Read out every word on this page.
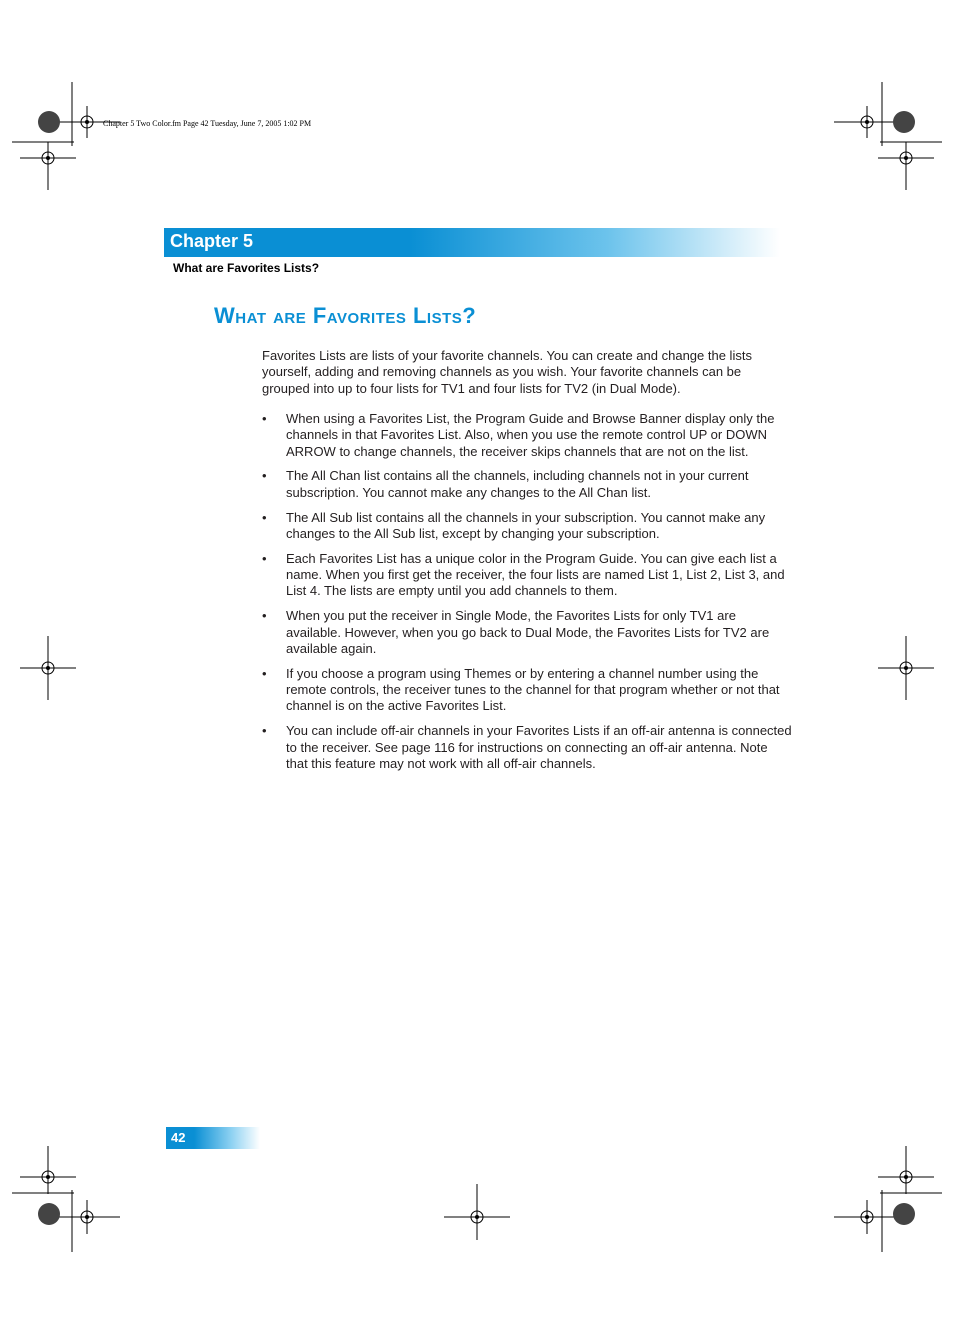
Chapter 5 Two Color.fm Page 42 Tuesday, June 7, 2005 1:02 PM
Chapter 5
What are Favorites Lists?
What are Favorites Lists?

Favorites Lists are lists of your favorite channels. You can create and change the lists yourself, adding and removing channels as you wish. Your favorite channels can be grouped into up to four lists for TV1 and four lists for TV2 (in Dual Mode).

• When using a Favorites List, the Program Guide and Browse Banner display only the channels in that Favorites List. Also, when you use the remote control UP or DOWN ARROW to change channels, the receiver skips channels that are not on the list.
• The All Chan list contains all the channels, including channels not in your current subscription. You cannot make any changes to the All Chan list.
• The All Sub list contains all the channels in your subscription. You cannot make any changes to the All Sub list, except by changing your subscription.
• Each Favorites List has a unique color in the Program Guide. You can give each list a name. When you first get the receiver, the four lists are named List 1, List 2, List 3, and List 4. The lists are empty until you add channels to them.
• When you put the receiver in Single Mode, the Favorites Lists for only TV1 are available. However, when you go back to Dual Mode, the Favorites Lists for TV2 are available again.
• If you choose a program using Themes or by entering a channel number using the remote controls, the receiver tunes to the channel for that program whether or not that channel is on the active Favorites List.
• You can include off-air channels in your Favorites Lists if an off-air antenna is connected to the receiver. See page 116 for instructions on connecting an off-air antenna. Note that this feature may not work with all off-air channels.
42
